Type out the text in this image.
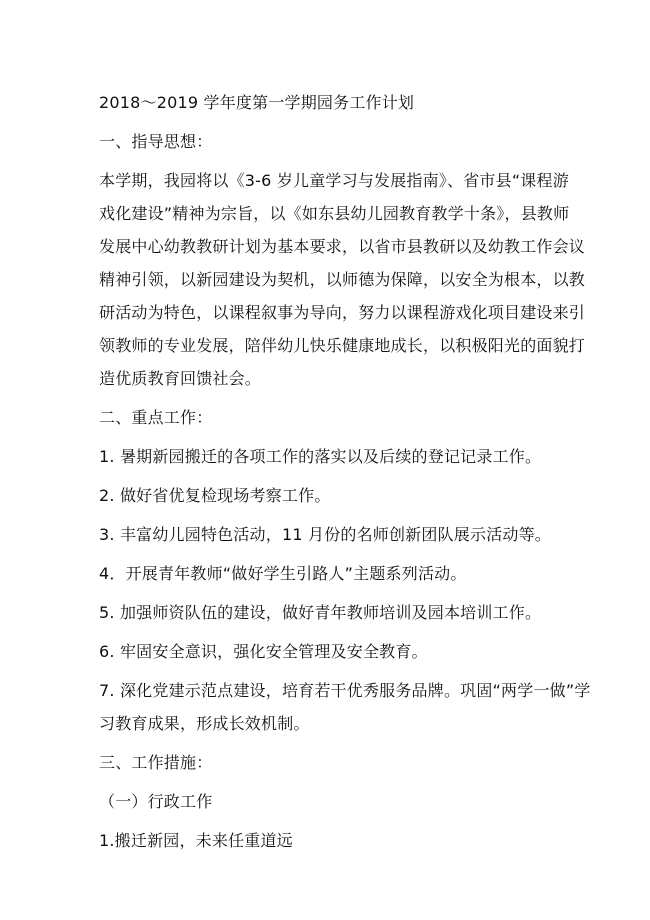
2018～2019 学年度第一学期园务工作计划

一、指导思想：

本学期，我园将以《3-6 岁儿童学习与发展指南》、省市县“课程游

戏化建设”精神为宗旨，以《如东县幼儿园教育教学十条》，县教师

发展中心幼教教研计划为基本要求，以省市县教研以及幼教工作会议

精神引领，以新园建设为契机，以师德为保障，以安全为根本，以教

研活动为特色，以课程叙事为导向，努力以课程游戏化项目建设来引

领教师的专业发展，陪伴幼儿快乐健康地成长，以积极阳光的面貌打

造优质教育回馈社会。

二、重点工作：

1. 暑期新园搬迁的各项工作的落实以及后续的登记记录工作。

2. 做好省优复检现场考察工作。

3. 丰富幼儿园特色活动，11 月份的名师创新团队展示活动等。

4．开展青年教师“做好学生引路人”主题系列活动。

5. 加强师资队伍的建设，做好青年教师培训及园本培训工作。

6. 牢固安全意识，强化安全管理及安全教育。

7. 深化党建示范点建设，培育若干优秀服务品牌。巩固“两学一做”学

习教育成果，形成长效机制。

三、工作措施：

（一）行政工作

1.搬迁新园，未来任重道远
